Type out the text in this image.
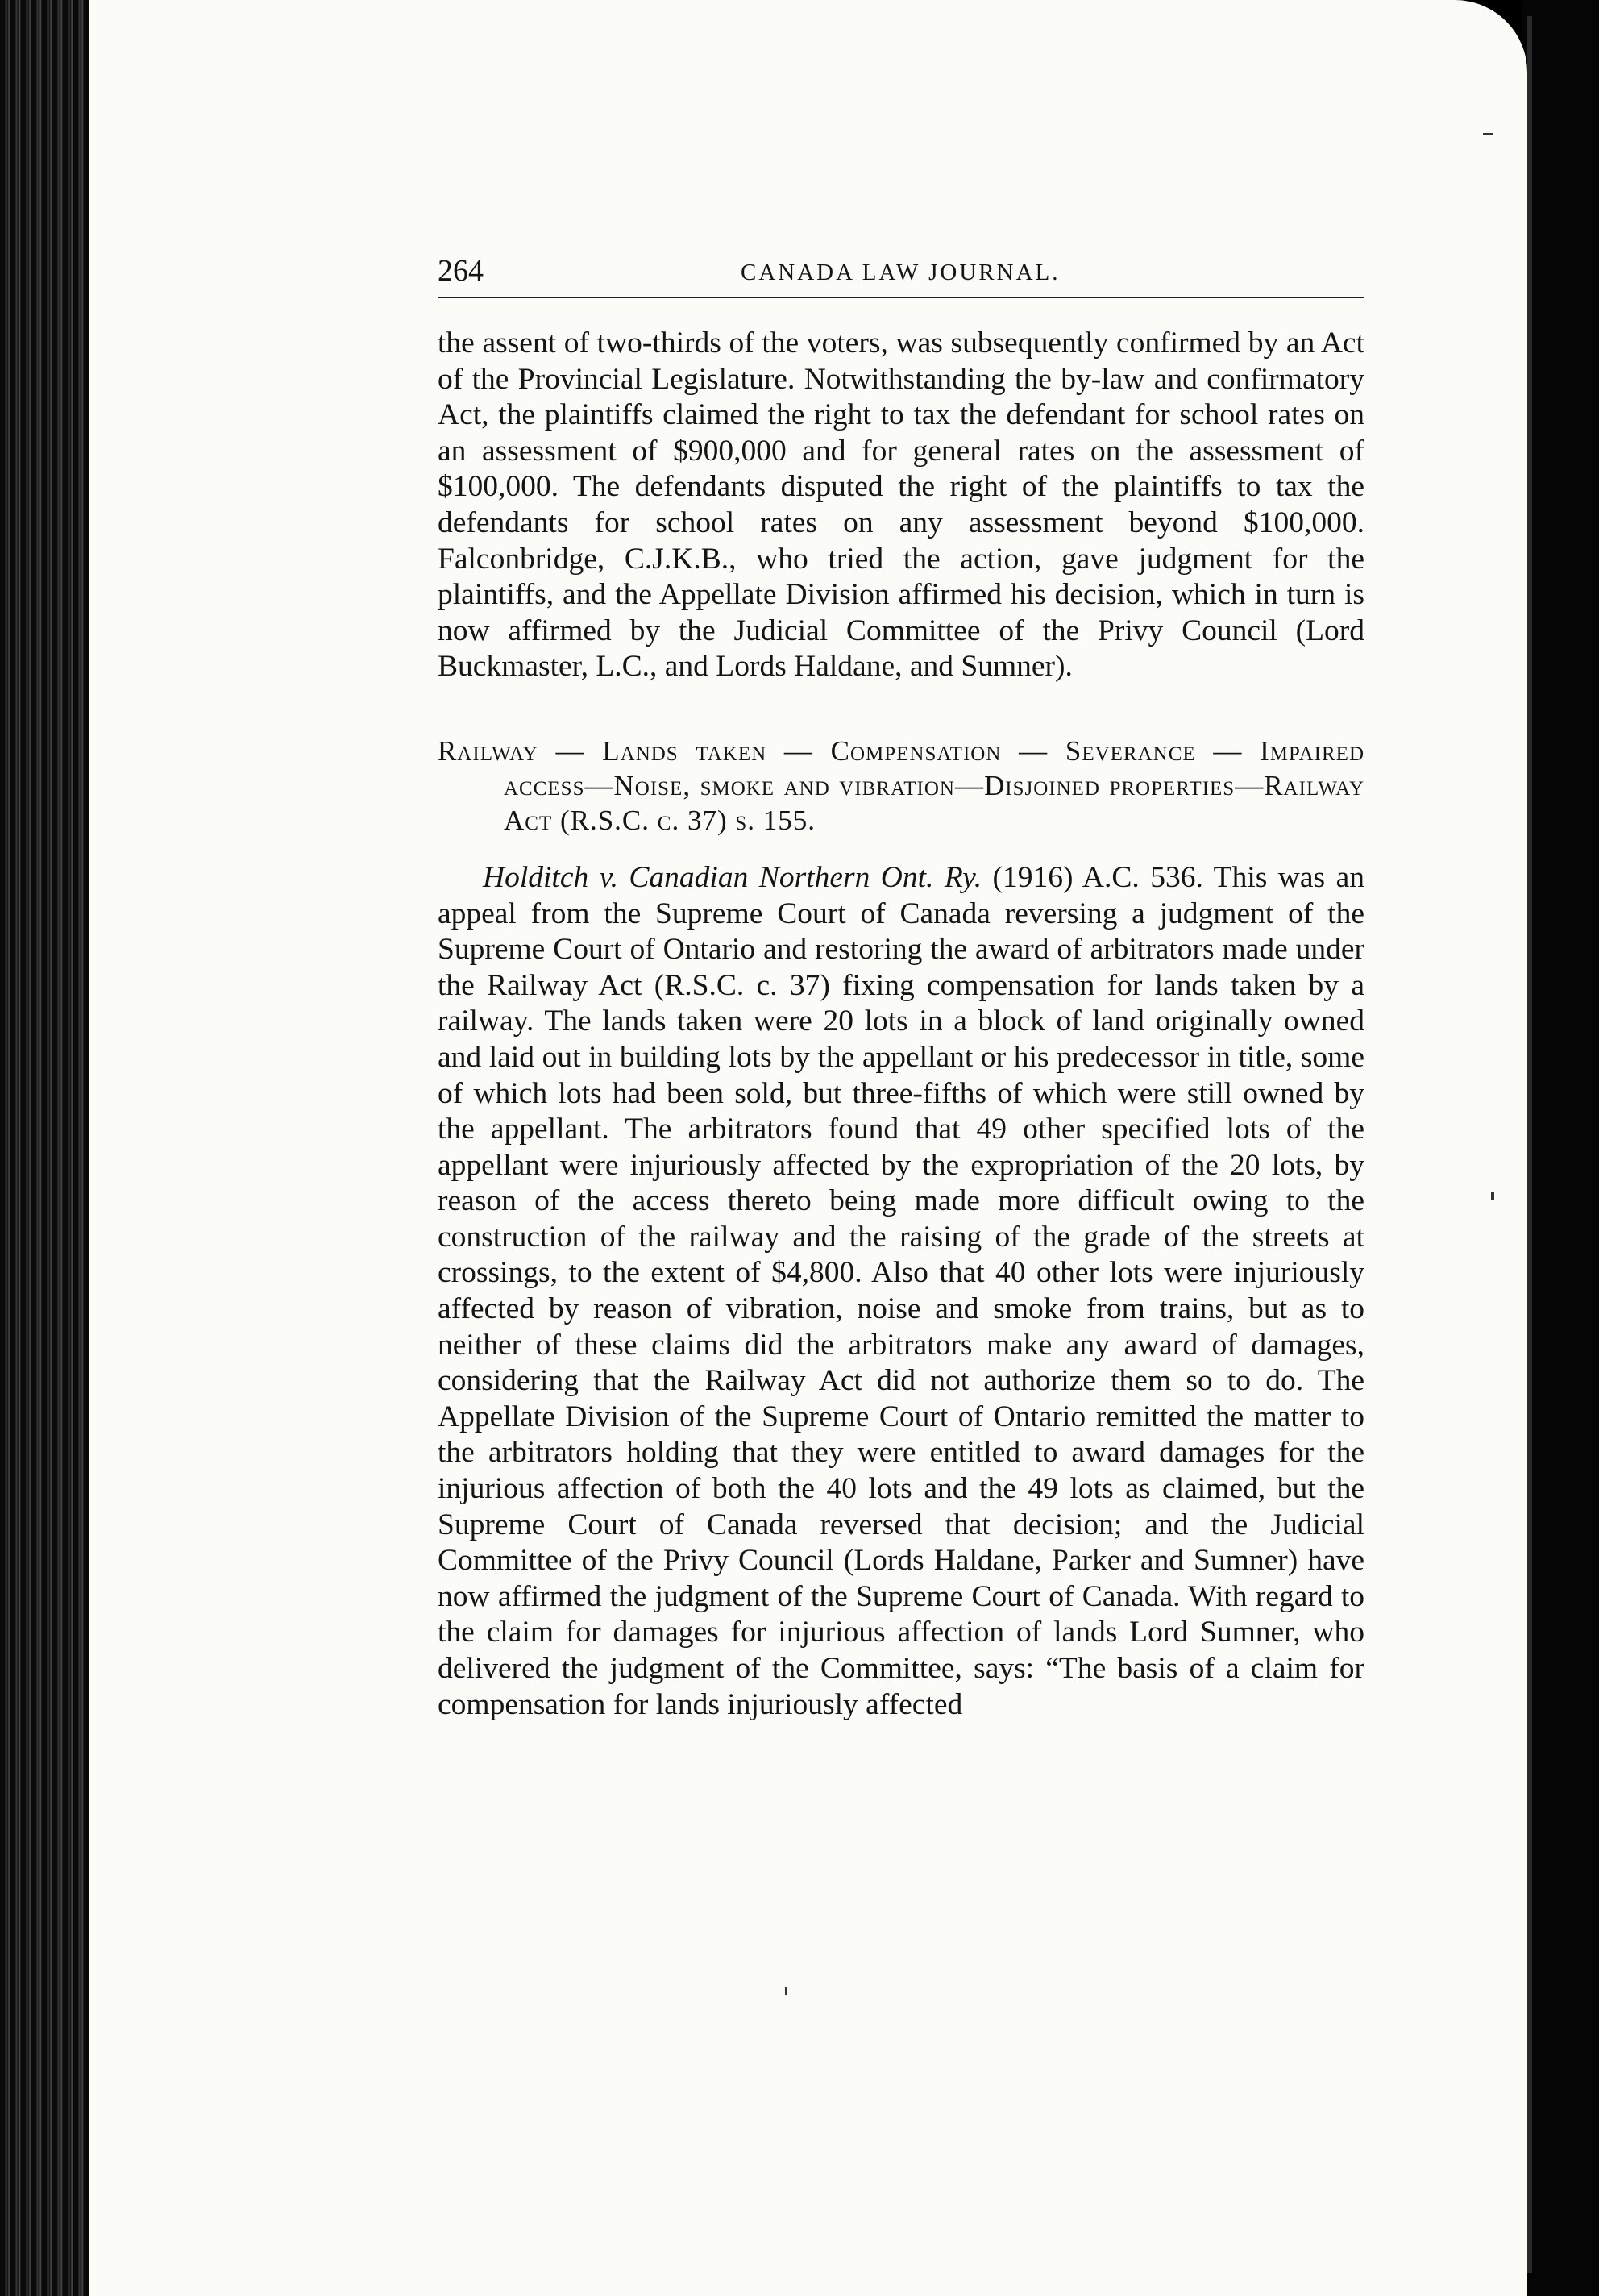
264	CANADA LAW JOURNAL.

the assent of two-thirds of the voters, was subsequently confirmed by an Act of the Provincial Legislature. Notwithstanding the by-law and confirmatory Act, the plaintiffs claimed the right to tax the defendant for school rates on an assessment of $900,000 and for general rates on the assessment of $100,000. The defendants disputed the right of the plaintiffs to tax the defendants for school rates on any assessment beyond $100,000. Falconbridge, C.J.K.B., who tried the action, gave judgment for the plaintiffs, and the Appellate Division affirmed his decision, which in turn is now affirmed by the Judicial Committee of the Privy Council (Lord Buckmaster, L.C., and Lords Haldane, and Sumner).

Railway — Lands taken — Compensation — Severance — Impaired access—Noise, smoke and vibration—Disjoined properties—Railway Act (R.S.C. c. 37) s. 155.

Holditch v. Canadian Northern Ont. Ry. (1916) A.C. 536. This was an appeal from the Supreme Court of Canada reversing a judgment of the Supreme Court of Ontario and restoring the award of arbitrators made under the Railway Act (R.S.C. c. 37) fixing compensation for lands taken by a railway. The lands taken were 20 lots in a block of land originally owned and laid out in building lots by the appellant or his predecessor in title, some of which lots had been sold, but three-fifths of which were still owned by the appellant. The arbitrators found that 49 other specified lots of the appellant were injuriously affected by the expropriation of the 20 lots, by reason of the access thereto being made more difficult owing to the construction of the railway and the raising of the grade of the streets at crossings, to the extent of $4,800. Also that 40 other lots were injuriously affected by reason of vibration, noise and smoke from trains, but as to neither of these claims did the arbitrators make any award of damages, considering that the Railway Act did not authorize them so to do. The Appellate Division of the Supreme Court of Ontario remitted the matter to the arbitrators holding that they were entitled to award damages for the injurious affection of both the 40 lots and the 49 lots as claimed, but the Supreme Court of Canada reversed that decision; and the Judicial Committee of the Privy Council (Lords Haldane, Parker and Sumner) have now affirmed the judgment of the Supreme Court of Canada. With regard to the claim for damages for injurious affection of lands Lord Sumner, who delivered the judgment of the Committee, says: “The basis of a claim for compensation for lands injuriously affected
